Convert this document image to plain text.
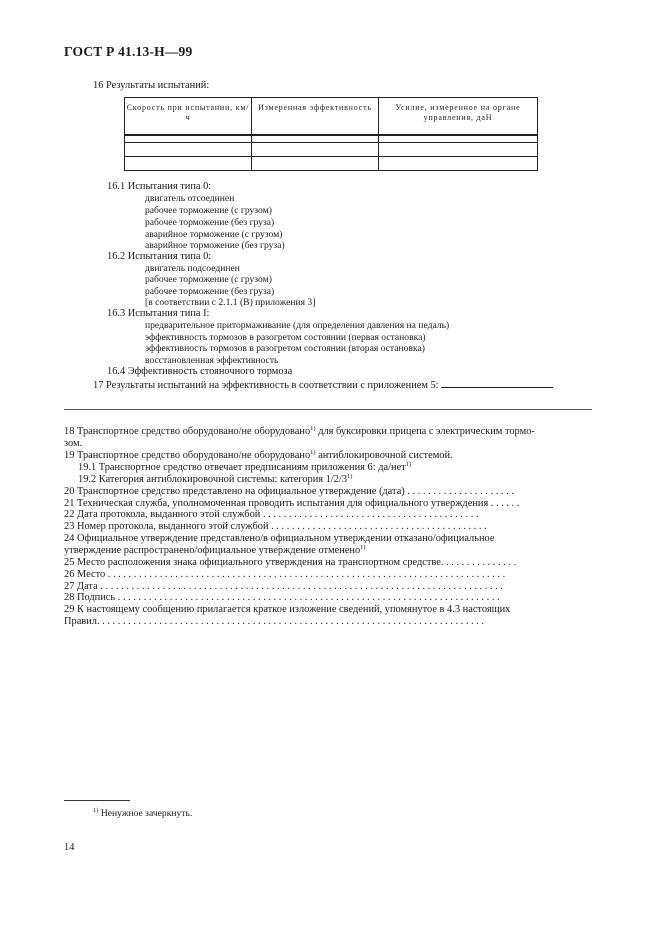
ГОСТ Р 41.13-Н—99
16 Результаты испытаний:
Скорость при испытании, км/ч	Измеренная эффективность	Усилие, измеренное на органе управления, даН

16.1 Испытания типа 0:
двигатель отсоединен
рабочее торможение (с грузом)
рабочее торможение (без груза)
аварийное торможение (с грузом)
аварийное торможение (без груза)
16.2 Испытания типа 0:
двигатель подсоединен
рабочее торможение (с грузом)
рабочее торможение (без груза)
[в соответствии с 2.1.1 (В) приложения 3]
16.3 Испытания типа I:
предварительное притормаживание (для определения давления на педаль)
эффективность тормозов в разогретом состоянии (первая остановка)
эффективность тормозов в разогретом состоянии (вторая остановка)
восстановленная эффективность
16.4 Эффективность стояночного тормоза
17 Результаты испытаний на эффективность в соответствии с приложением 5:
18 Транспортное средство оборудовано/не оборудовано$^{1)}$ для буксировки прицепа с электрическим тормо-
зом.
19 Транспортное средство оборудовано/не оборудовано$^{1)}$ антиблокировочной системой.
19.1 Транспортное средство отвечает предписаниям приложения 6: да/нет$^{1)}$
19.2 Категория антиблокировочной системы: категория 1/2/3$^{1)}$
20 Транспортное средство представлено на официальное утверждение (дата) . . . . . . . . . . . . . . . . . . . . .
21 Техническая служба, уполномоченная проводить испытания для официального утверждения . . . . . .
22 Дата протокола, выданного этой службой . . . . . . . . . . . . . . . . . . . . . . . . . . . . . . . . . . . . . . . . . .
23 Номер протокола, выданного этой службой . . . . . . . . . . . . . . . . . . . . . . . . . . . . . . . . . . . . . . . . . .
24 Официальное утверждение представлено/в официальном утверждении отказано/официальное
утверждение распространено/официальное утверждение отменено$^{1)}$
25 Место расположения знака официального утверждения на транспортном средстве. . . . . . . . . . . . . . .
26 Место . . . . . . . . . . . . . . . . . . . . . . . . . . . . . . . . . . . . . . . . . . . . . . . . . . . . . . . . . . . . . . . . . . . . . . . . . . . . .
27 Дата . . . . . . . . . . . . . . . . . . . . . . . . . . . . . . . . . . . . . . . . . . . . . . . . . . . . . . . . . . . . . . . . . . . . . . . . . . . . . .
28 Подпись . . . . . . . . . . . . . . . . . . . . . . . . . . . . . . . . . . . . . . . . . . . . . . . . . . . . . . . . . . . . . . . . . . . . . . . . . .
29 К настоящему сообщению прилагается краткое изложение сведений, упомянутое в 4.3 настоящих
Правил. . . . . . . . . . . . . . . . . . . . . . . . . . . . . . . . . . . . . . . . . . . . . . . . . . . . . . . . . . . . . . . . . . . . . . . . . . .
$^{1)}$ Ненужное зачеркнуть.
14
